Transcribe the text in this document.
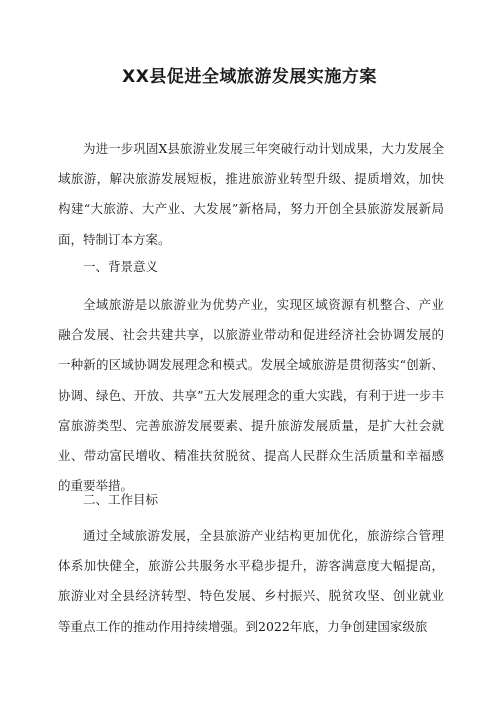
XX县促进全域旅游发展实施方案

为进一步巩固X县旅游业发展三年突破行动计划成果，大力发展全域旅游，解决旅游发展短板，推进旅游业转型升级、提质增效，加快构建“大旅游、大产业、大发展”新格局，努力开创全县旅游发展新局面，特制订本方案。

一、背景意义

全域旅游是以旅游业为优势产业，实现区域资源有机整合、产业融合发展、社会共建共享，以旅游业带动和促进经济社会协调发展的一种新的区域协调发展理念和模式。发展全域旅游是贯彻落实“创新、协调、绿色、开放、共享”五大发展理念的重大实践，有利于进一步丰富旅游类型、完善旅游发展要素、提升旅游发展质量，是扩大社会就业、带动富民增收、精准扶贫脱贫、提高人民群众生活质量和幸福感的重要举措。

二、工作目标

通过全域旅游发展，全县旅游产业结构更加优化，旅游综合管理体系加快健全，旅游公共服务水平稳步提升，游客满意度大幅提高，旅游业对全县经济转型、特色发展、乡村振兴、脱贫攻坚、创业就业等重点工作的推动作用持续增强。到2022年底，力争创建国家级旅
